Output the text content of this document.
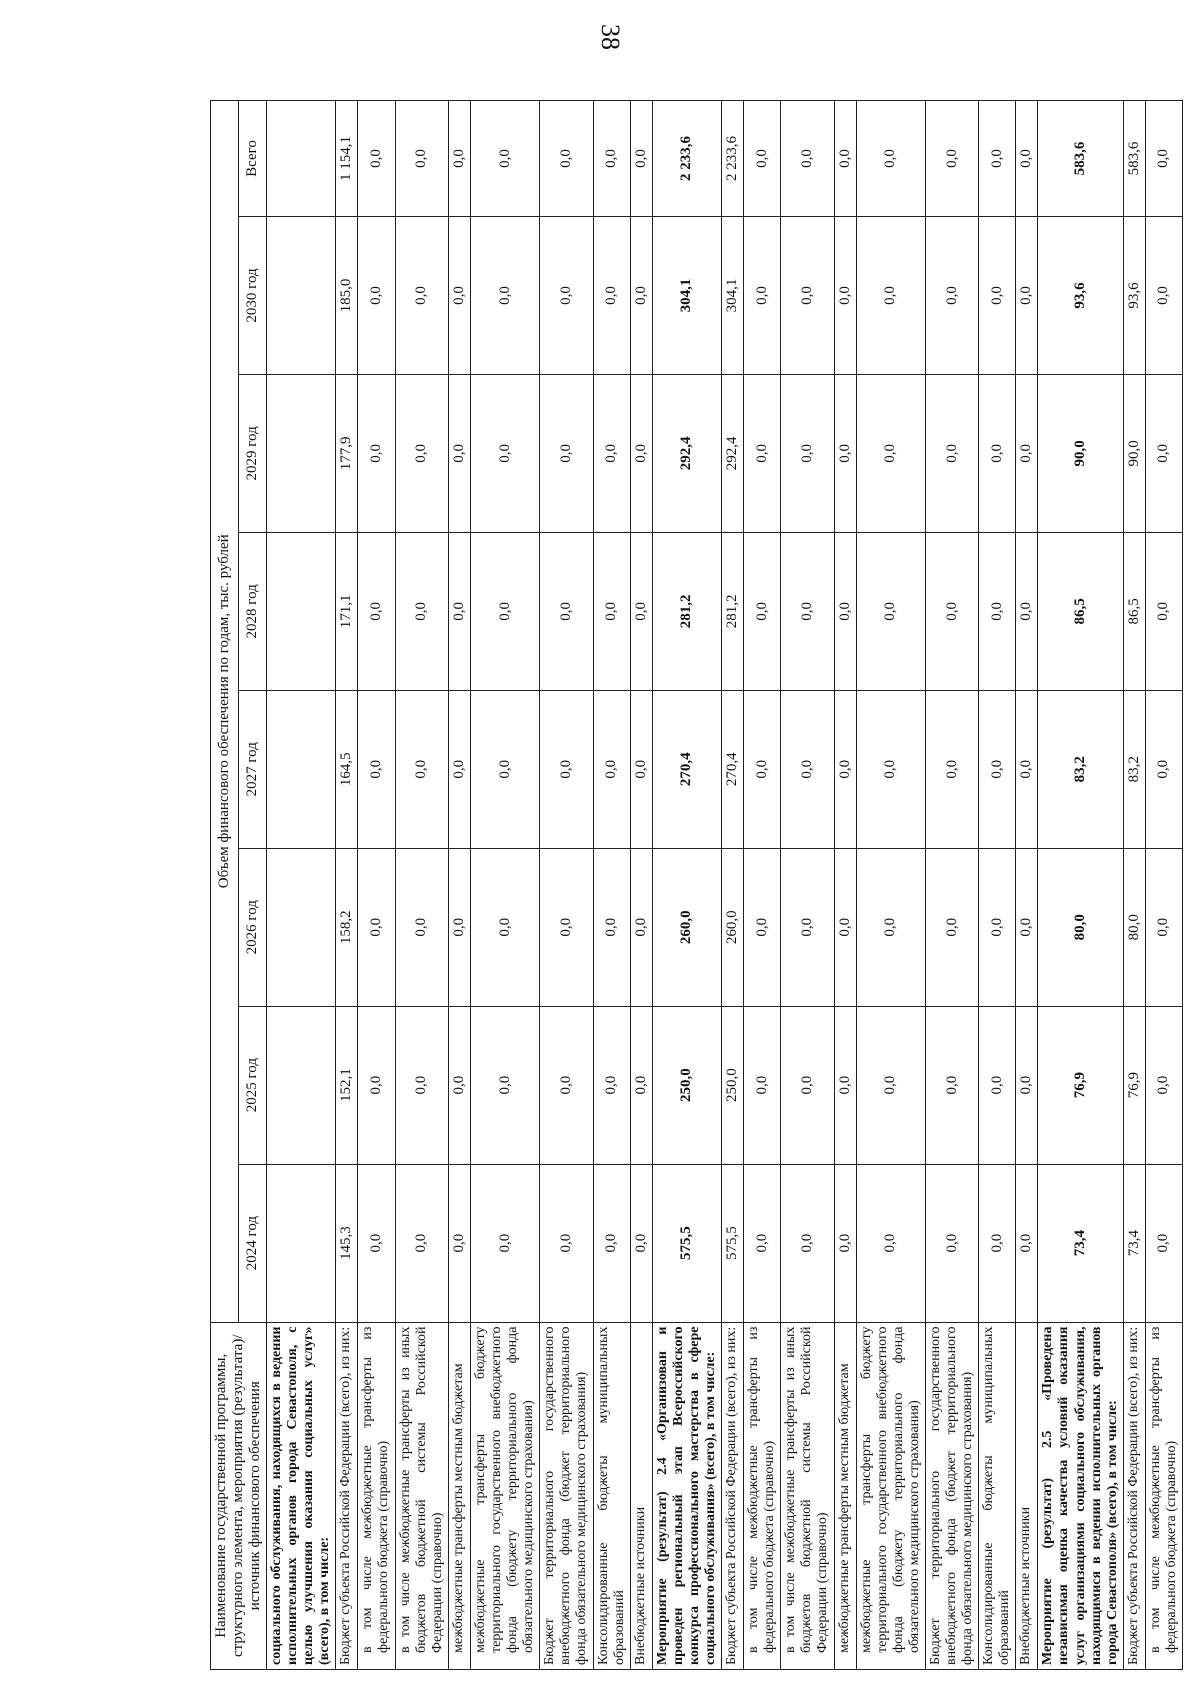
38
Наименование государственной программы, структурного элемента, мероприятия (результата)/источник финансового обеспечения	Объем финансового обеспечения по годам, тыс. рублей							
	2024 год	2025 год	2026 год	2027 год	2028 год	2029 год	2030 год	Всего
социального обслуживания, находящихся в ведении исполнительных органов города Севастополя, с целью улучшения оказания социальных услуг» (всего), в том числе:								
Бюджет субъекта Российской Федерации (всего), из них:	145,3	152,1	158,2	164,5	171,1	177,9	185,0	1 154,1
в том числе межбюджетные трансферты из федерального бюджета (справочно)	0,0	0,0	0,0	0,0	0,0	0,0	0,0	0,0
в том числе межбюджетные трансферты из иных бюджетов бюджетной системы Российской Федерации (справочно)	0,0	0,0	0,0	0,0	0,0	0,0	0,0	0,0
межбюджетные трансферты местным бюджетам	0,0	0,0	0,0	0,0	0,0	0,0	0,0	0,0
межбюджетные трансферты бюджету территориального государственного внебюджетного фонда (бюджету территориального фонда обязательного медицинского страхования)	0,0	0,0	0,0	0,0	0,0	0,0	0,0	0,0
Бюджет территориального государственного внебюджетного фонда (бюджет территориального фонда обязательного медицинского страхования)	0,0	0,0	0,0	0,0	0,0	0,0	0,0	0,0
Консолидированные бюджеты муниципальных образований	0,0	0,0	0,0	0,0	0,0	0,0	0,0	0,0
Внебюджетные источники	0,0	0,0	0,0	0,0	0,0	0,0	0,0	0,0
Мероприятие (результат) 2.4 «Организован и проведен региональный этап Всероссийского конкурса профессионального мастерства в сфере социального обслуживания» (всего), в том числе:	575,5	250,0	260,0	270,4	281,2	292,4	304,1	2 233,6
Бюджет субъекта Российской Федерации (всего), из них:	575,5	250,0	260,0	270,4	281,2	292,4	304,1	2 233,6
в том числе межбюджетные трансферты из федерального бюджета (справочно)	0,0	0,0	0,0	0,0	0,0	0,0	0,0	0,0
в том числе межбюджетные трансферты из иных бюджетов бюджетной системы Российской Федерации (справочно)	0,0	0,0	0,0	0,0	0,0	0,0	0,0	0,0
межбюджетные трансферты местным бюджетам	0,0	0,0	0,0	0,0	0,0	0,0	0,0	0,0
межбюджетные трансферты бюджету территориального государственного внебюджетного фонда (бюджету территориального фонда обязательного медицинского страхования)	0,0	0,0	0,0	0,0	0,0	0,0	0,0	0,0
Бюджет территориального государственного внебюджетного фонда (бюджет территориального фонда обязательного медицинского страхования)	0,0	0,0	0,0	0,0	0,0	0,0	0,0	0,0
Консолидированные бюджеты муниципальных образований	0,0	0,0	0,0	0,0	0,0	0,0	0,0	0,0
Внебюджетные источники	0,0	0,0	0,0	0,0	0,0	0,0	0,0	0,0
Мероприятие (результат) 2.5 «Проведена независимая оценка качества условий оказания услуг организациями социального обслуживания, находящимися в ведении исполнительных органов города Севастополя» (всего), в том числе:	73,4	76,9	80,0	83,2	86,5	90,0	93,6	583,6
Бюджет субъекта Российской Федерации (всего), из них:	73,4	76,9	80,0	83,2	86,5	90,0	93,6	583,6
в том числе межбюджетные трансферты из федерального бюджета (справочно)	0,0	0,0	0,0	0,0	0,0	0,0	0,0	0,0
